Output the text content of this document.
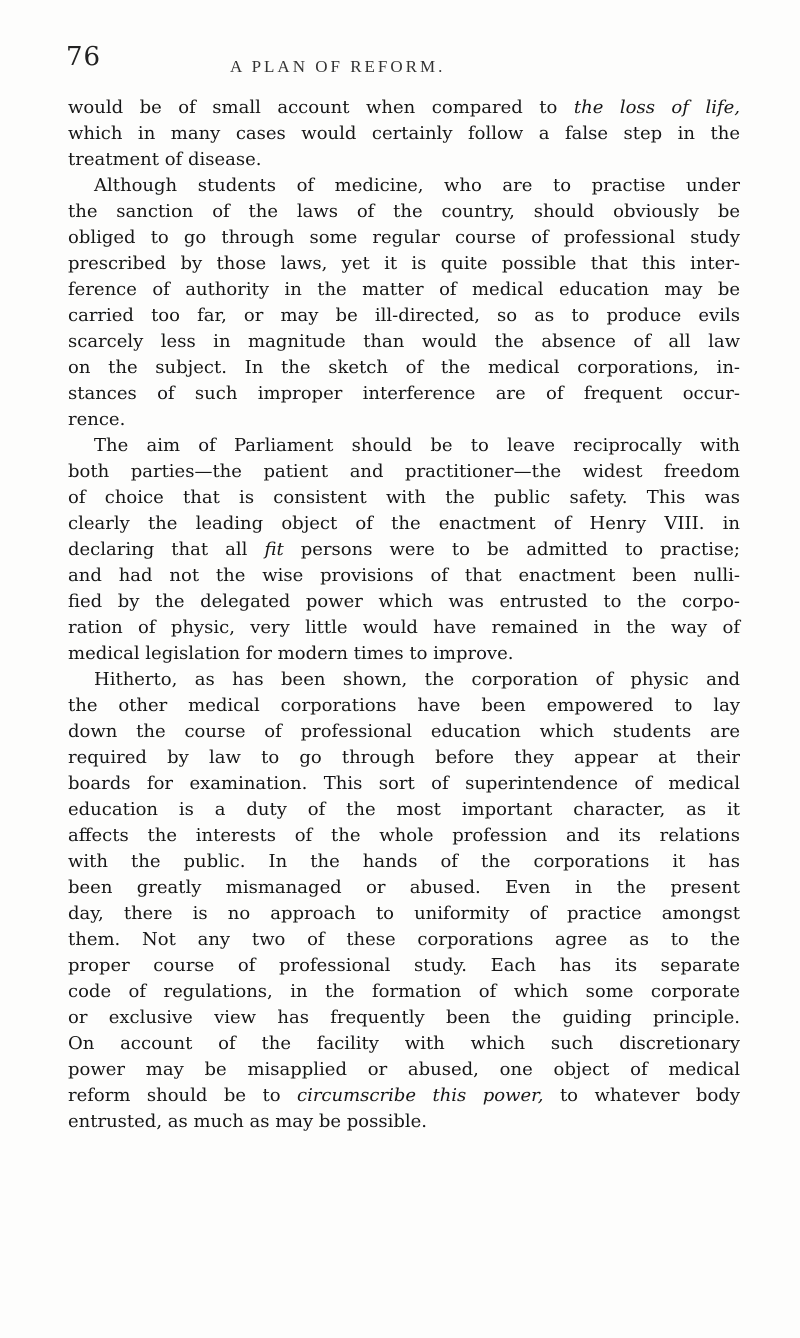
76	A PLAN OF REFORM.
would be of small account when compared to the loss of life,
which in many cases would certainly follow a false step in the
treatment of disease.
Although students of medicine, who are to practise under
the sanction of the laws of the country, should obviously be
obliged to go through some regular course of professional study
prescribed by those laws, yet it is quite possible that this inter-
ference of authority in the matter of medical education may be
carried too far, or may be ill-directed, so as to produce evils
scarcely less in magnitude than would the absence of all law
on the subject. In the sketch of the medical corporations, in-
stances of such improper interference are of frequent occur-
rence.
The aim of Parliament should be to leave reciprocally with
both parties—the patient and practitioner—the widest freedom
of choice that is consistent with the public safety. This was
clearly the leading object of the enactment of Henry VIII. in
declaring that all fit persons were to be admitted to practise;
and had not the wise provisions of that enactment been nulli-
fied by the delegated power which was entrusted to the corpo-
ration of physic, very little would have remained in the way of
medical legislation for modern times to improve.
Hitherto, as has been shown, the corporation of physic and
the other medical corporations have been empowered to lay
down the course of professional education which students are
required by law to go through before they appear at their
boards for examination. This sort of superintendence of medical
education is a duty of the most important character, as it
affects the interests of the whole profession and its relations
with the public. In the hands of the corporations it has
been greatly mismanaged or abused. Even in the present
day, there is no approach to uniformity of practice amongst
them. Not any two of these corporations agree as to the
proper course of professional study. Each has its separate
code of regulations, in the formation of which some corporate
or exclusive view has frequently been the guiding principle.
On account of the facility with which such discretionary
power may be misapplied or abused, one object of medical
reform should be to circumscribe this power, to whatever body
entrusted, as much as may be possible.
